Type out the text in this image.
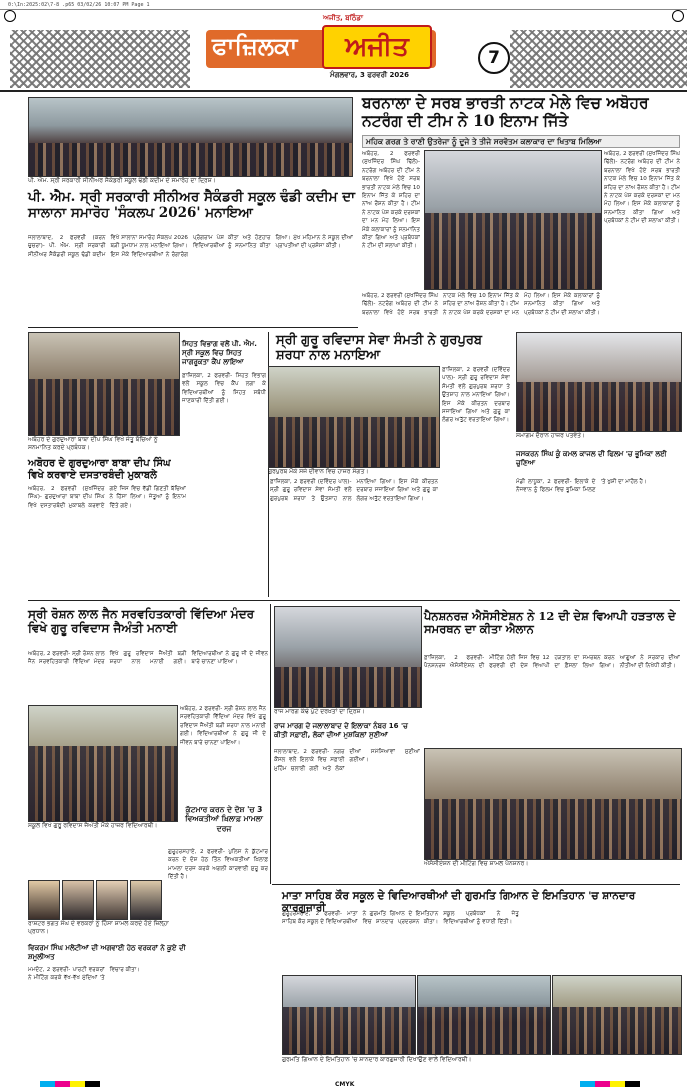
0:\In:2025:02\7-8 .p65 03/02/26 10:07 PM Page 1
ਫਾਜ਼ਿਲਕਾ
ਅਜੀਤ, ਬਠਿੰਡਾ
ਅਜੀਤ
ਮੰਗਲਵਾਰ, 3 ਫਰਵਰੀ 2026
7
ਪੀ. ਐਮ. ਸ੍ਰੀ ਸਰਕਾਰੀ ਸੀਨੀਅਰ ਸੈਕੰਡਰੀ ਸਕੂਲ ਢੰਡੀ ਕਦੀਮ ਦੇ ਸਮਾਰੋਹ ਦਾ ਦ੍ਰਿਸ਼।
ਬਰਨਾਲਾ ਦੇ ਸਰਬ ਭਾਰਤੀ ਨਾਟਕ ਮੇਲੇ ਵਿਚ ਅਬੋਹਰ ਨਟਰੰਗ ਦੀ ਟੀਮ ਨੇ 10 ਇਨਾਮ ਜਿੱਤੇ
ਮਹਿਕ ਗਰਗ ਤੇ ਰਾਣੀ ਉਤਰੇਜਾ ਨੂੰ ਦੂਜੇ ਤੇ ਤੀਜੇ ਸਰਵੋਤਮ ਕਲਾਕਾਰ ਦਾ ਖਿਤਾਬ ਮਿਲਿਆ
ਅਬੋਹਰ, 2 ਫਰਵਰੀ (ਸੁਖਜਿੰਦਰ ਸਿੰਘ ਢਿੱਲੋਂ)- ਨਟਰੰਗ ਅਬੋਹਰ ਦੀ ਟੀਮ ਨੇ ਬਰਨਾਲਾ ਵਿਖੇ ਹੋਏ ਸਰਬ ਭਾਰਤੀ ਨਾਟਕ ਮੇਲੇ ਵਿਚ 10 ਇਨਾਮ ਜਿੱਤ ਕੇ ਸ਼ਹਿਰ ਦਾ ਨਾਂਅ ਰੌਸ਼ਨ ਕੀਤਾ ਹੈ। ਟੀਮ ਨੇ ਨਾਟਕ ਪੇਸ਼ ਕਰਕੇ ਦਰਸ਼ਕਾਂ ਦਾ ਮਨ ਮੋਹ ਲਿਆ। ਇਸ ਮੌਕੇ ਕਲਾਕਾਰਾਂ ਨੂੰ ਸਨਮਾਨਿਤ ਕੀਤਾ ਗਿਆ ਅਤੇ ਪ੍ਰਬੰਧਕਾਂ ਨੇ ਟੀਮ ਦੀ ਸ਼ਲਾਘਾ ਕੀਤੀ।
ਅਬੋਹਰ, 2 ਫਰਵਰੀ (ਸੁਖਜਿੰਦਰ ਸਿੰਘ ਢਿੱਲੋਂ)- ਨਟਰੰਗ ਅਬੋਹਰ ਦੀ ਟੀਮ ਨੇ ਬਰਨਾਲਾ ਵਿਖੇ ਹੋਏ ਸਰਬ ਭਾਰਤੀ ਨਾਟਕ ਮੇਲੇ ਵਿਚ 10 ਇਨਾਮ ਜਿੱਤ ਕੇ ਸ਼ਹਿਰ ਦਾ ਨਾਂਅ ਰੌਸ਼ਨ ਕੀਤਾ ਹੈ। ਟੀਮ ਨੇ ਨਾਟਕ ਪੇਸ਼ ਕਰਕੇ ਦਰਸ਼ਕਾਂ ਦਾ ਮਨ ਮੋਹ ਲਿਆ। ਇਸ ਮੌਕੇ ਕਲਾਕਾਰਾਂ ਨੂੰ ਸਨਮਾਨਿਤ ਕੀਤਾ ਗਿਆ ਅਤੇ ਪ੍ਰਬੰਧਕਾਂ ਨੇ ਟੀਮ ਦੀ ਸ਼ਲਾਘਾ ਕੀਤੀ।
ਪੀ. ਐਮ. ਸ੍ਰੀ ਸਰਕਾਰੀ ਸੀਨੀਅਰ ਸੈਕੰਡਰੀ ਸਕੂਲ ਢੰਡੀ ਕਦੀਮ ਦਾ ਸਾਲਾਨਾ ਸਮਾਰੋਹ 'ਸੰਕਲਪ 2026' ਮਨਾਇਆ
ਜਲਾਲਾਬਾਦ, 2 ਫਰਵਰੀ (ਕਰਨ ਚੁਚਰਾ)- ਪੀ. ਐਮ. ਸ੍ਰੀ ਸਰਕਾਰੀ ਸੀਨੀਅਰ ਸੈਕੰਡਰੀ ਸਕੂਲ ਢੰਡੀ ਕਦੀਮ ਵਿਖੇ ਸਾਲਾਨਾ ਸਮਾਰੋਹ ਸੰਕਲਪ 2026 ਬੜੀ ਧੂਮਧਾਮ ਨਾਲ ਮਨਾਇਆ ਗਿਆ। ਇਸ ਮੌਕੇ ਵਿਦਿਆਰਥੀਆਂ ਨੇ ਰੰਗਾਰੰਗ ਪ੍ਰੋਗਰਾਮ ਪੇਸ਼ ਕੀਤਾ ਅਤੇ ਹੋਣਹਾਰ ਵਿਦਿਆਰਥੀਆਂ ਨੂੰ ਸਨਮਾਨਿਤ ਕੀਤਾ ਗਿਆ। ਮੁੱਖ ਮਹਿਮਾਨ ਨੇ ਸਕੂਲ ਦੀਆਂ ਪ੍ਰਾਪਤੀਆਂ ਦੀ ਪ੍ਰਸ਼ੰਸਾ ਕੀਤੀ।
ਅਬੋਹਰ, 2 ਫਰਵਰੀ (ਸੁਖਜਿੰਦਰ ਸਿੰਘ ਢਿੱਲੋਂ)- ਨਟਰੰਗ ਅਬੋਹਰ ਦੀ ਟੀਮ ਨੇ ਬਰਨਾਲਾ ਵਿਖੇ ਹੋਏ ਸਰਬ ਭਾਰਤੀ ਨਾਟਕ ਮੇਲੇ ਵਿਚ 10 ਇਨਾਮ ਜਿੱਤ ਕੇ ਸ਼ਹਿਰ ਦਾ ਨਾਂਅ ਰੌਸ਼ਨ ਕੀਤਾ ਹੈ। ਟੀਮ ਨੇ ਨਾਟਕ ਪੇਸ਼ ਕਰਕੇ ਦਰਸ਼ਕਾਂ ਦਾ ਮਨ ਮੋਹ ਲਿਆ। ਇਸ ਮੌਕੇ ਕਲਾਕਾਰਾਂ ਨੂੰ ਸਨਮਾਨਿਤ ਕੀਤਾ ਗਿਆ ਅਤੇ ਪ੍ਰਬੰਧਕਾਂ ਨੇ ਟੀਮ ਦੀ ਸ਼ਲਾਘਾ ਕੀਤੀ।
ਅਬੋਹਰ ਦੇ ਗੁਰਦੁਆਰਾ ਬਾਬਾ ਦੀਪ ਸਿੰਘ ਵਿਖੇ ਜੇਤੂ ਬੱਚਿਆਂ ਨੂੰ ਸਨਮਾਨਿਤ ਕਰਦੇ ਪ੍ਰਬੰਧਕ।
ਅਬੋਹਰ ਦੇ ਗੁਰਦੁਆਰਾ ਬਾਬਾ ਦੀਪ ਸਿੰਘ ਵਿਖੇ ਕਰਵਾਏ ਦਸਤਾਰਬੰਦੀ ਮੁਕਾਬਲੇ
ਅਬੋਹਰ, 2 ਫਰਵਰੀ (ਸੁਖਜਿੰਦਰ ਸਿੰਘ)- ਗੁਰਦੁਆਰਾ ਬਾਬਾ ਦੀਪ ਸਿੰਘ ਵਿਖੇ ਦਸਤਾਰਬੰਦੀ ਮੁਕਾਬਲੇ ਕਰਵਾਏ ਗਏ ਜਿਸ ਵਿਚ ਵੱਡੀ ਗਿਣਤੀ ਬੱਚਿਆਂ ਨੇ ਹਿੱਸਾ ਲਿਆ। ਜੇਤੂਆਂ ਨੂੰ ਇਨਾਮ ਦਿੱਤੇ ਗਏ।
ਸਿਹਤ ਵਿਭਾਗ ਵਲੋਂ ਪੀ. ਐਮ. ਸ੍ਰੀ ਸਕੂਲ ਵਿਚ ਸਿਹਤ ਜਾਗਰੂਕਤਾ ਕੈਂਪ ਲਾਇਆ
ਫ਼ਾਜ਼ਿਲਕਾ, 2 ਫਰਵਰੀ- ਸਿਹਤ ਵਿਭਾਗ ਵਲੋਂ ਸਕੂਲ ਵਿਚ ਕੈਂਪ ਲਗਾ ਕੇ ਵਿਦਿਆਰਥੀਆਂ ਨੂੰ ਸਿਹਤ ਸਬੰਧੀ ਜਾਣਕਾਰੀ ਦਿੱਤੀ ਗਈ।
ਸ੍ਰੀ ਗੁਰੂ ਰਵਿਦਾਸ ਸੇਵਾ ਸੰਮਤੀ ਨੇ ਗੁਰਪੁਰਬ ਸ਼ਰਧਾ ਨਾਲ ਮਨਾਇਆ
ਗੁਰਪੁਰਬ ਮੌਕੇ ਸਜੇ ਦੀਵਾਨ ਵਿਚ ਹਾਜ਼ਰ ਸੰਗਤ।
ਫ਼ਾਜ਼ਿਲਕਾ, 2 ਫਰਵਰੀ (ਦਵਿੰਦਰ ਪਾਲ)- ਸ੍ਰੀ ਗੁਰੂ ਰਵਿਦਾਸ ਸੇਵਾ ਸੰਮਤੀ ਵਲੋਂ ਗੁਰਪੁਰਬ ਸ਼ਰਧਾ ਤੇ ਉਤਸ਼ਾਹ ਨਾਲ ਮਨਾਇਆ ਗਿਆ। ਇਸ ਮੌਕੇ ਕੀਰਤਨ ਦਰਬਾਰ ਸਜਾਇਆ ਗਿਆ ਅਤੇ ਗੁਰੂ ਕਾ ਲੰਗਰ ਅਤੁੱਟ ਵਰਤਾਇਆ ਗਿਆ।
ਫ਼ਾਜ਼ਿਲਕਾ, 2 ਫਰਵਰੀ (ਦਵਿੰਦਰ ਪਾਲ)- ਸ੍ਰੀ ਗੁਰੂ ਰਵਿਦਾਸ ਸੇਵਾ ਸੰਮਤੀ ਵਲੋਂ ਗੁਰਪੁਰਬ ਸ਼ਰਧਾ ਤੇ ਉਤਸ਼ਾਹ ਨਾਲ ਮਨਾਇਆ ਗਿਆ। ਇਸ ਮੌਕੇ ਕੀਰਤਨ ਦਰਬਾਰ ਸਜਾਇਆ ਗਿਆ ਅਤੇ ਗੁਰੂ ਕਾ ਲੰਗਰ ਅਤੁੱਟ ਵਰਤਾਇਆ ਗਿਆ।
ਸਮਾਗਮ ਦੌਰਾਨ ਹਾਜ਼ਰ ਪਤਵੰਤੇ।
ਜਸਕਰਨ ਸਿੰਘ ਕੂੰ ਕਮਲ ਕਾਜਲ ਦੀ ਫਿਲਮ 'ਚ ਭੂਮਿਕਾ ਲਈ ਚੁਣਿਆ
ਮੰਡੀ ਲਾਧੂਕਾ, 2 ਫਰਵਰੀ- ਇਲਾਕੇ ਦੇ ਨੌਜਵਾਨ ਨੂੰ ਫਿਲਮ ਵਿਚ ਭੂਮਿਕਾ ਮਿਲਣ 'ਤੇ ਖੁਸ਼ੀ ਦਾ ਮਾਹੌਲ ਹੈ।
ਸ੍ਰੀ ਰੋਸ਼ਨ ਲਾਲ ਜੈਨ ਸਰਵਹਿਤਕਾਰੀ ਵਿੱਦਿਆ ਮੰਦਰ ਵਿਖੇ ਗੁਰੂ ਰਵਿਦਾਸ ਜੈਅੰਤੀ ਮਨਾਈ
ਅਬੋਹਰ, 2 ਫਰਵਰੀ- ਸ੍ਰੀ ਰੋਸ਼ਨ ਲਾਲ ਜੈਨ ਸਰਵਹਿਤਕਾਰੀ ਵਿੱਦਿਆ ਮੰਦਰ ਵਿਖੇ ਗੁਰੂ ਰਵਿਦਾਸ ਜੈਅੰਤੀ ਬੜੀ ਸ਼ਰਧਾ ਨਾਲ ਮਨਾਈ ਗਈ। ਵਿਦਿਆਰਥੀਆਂ ਨੇ ਗੁਰੂ ਜੀ ਦੇ ਜੀਵਨ ਬਾਰੇ ਚਾਨਣਾ ਪਾਇਆ।
ਸਕੂਲ ਵਿਖੇ ਗੁਰੂ ਰਵਿਦਾਸ ਜੈਅੰਤੀ ਮੌਕੇ ਹਾਜ਼ਰ ਵਿਦਿਆਰਥੀ।
ਅਬੋਹਰ, 2 ਫਰਵਰੀ- ਸ੍ਰੀ ਰੋਸ਼ਨ ਲਾਲ ਜੈਨ ਸਰਵਹਿਤਕਾਰੀ ਵਿੱਦਿਆ ਮੰਦਰ ਵਿਖੇ ਗੁਰੂ ਰਵਿਦਾਸ ਜੈਅੰਤੀ ਬੜੀ ਸ਼ਰਧਾ ਨਾਲ ਮਨਾਈ ਗਈ। ਵਿਦਿਆਰਥੀਆਂ ਨੇ ਗੁਰੂ ਜੀ ਦੇ ਜੀਵਨ ਬਾਰੇ ਚਾਨਣਾ ਪਾਇਆ।
ਰਾਸ਼ਟਰ ਭਗਤ ਸੰਘ ਦੇ ਵਰਕਰਾਂ ਨੂੰ ਹਿੱਸਾ ਸ਼ਾਮਲ ਕਰਦੇ ਹੋਏ ਜ਼ਿਲ੍ਹਾ ਪ੍ਰਧਾਨ।
ਵਿਕਰਮ ਸਿੰਘ ਮਲੋਟੀਆਂ ਦੀ ਅਗਵਾਈ ਹੇਠ ਵਰਕਰਾਂ ਨੇ ਕੂਏ ਦੀ ਸ਼ਮੂਲੀਅਤ
ਮਮਦੋਟ, 2 ਫਰਵਰੀ- ਪਾਰਟੀ ਵਰਕਰਾਂ ਨੇ ਮੀਟਿੰਗ ਕਰਕੇ ਵੱਖ-ਵੱਖ ਮੁੱਦਿਆਂ 'ਤੇ ਵਿਚਾਰ ਕੀਤਾ।
ਗੁਰੂਹਰਸਹਾਏ, 2 ਫਰਵਰੀ- ਪੁਲਿਸ ਨੇ ਕੁੱਟਮਾਰ ਕਰਨ ਦੇ ਦੋਸ਼ ਹੇਠ ਤਿੰਨ ਵਿਅਕਤੀਆਂ ਖ਼ਿਲਾਫ਼ ਮਾਮਲਾ ਦਰਜ ਕਰਕੇ ਅਗਲੀ ਕਾਰਵਾਈ ਸ਼ੁਰੂ ਕਰ ਦਿੱਤੀ ਹੈ।
ਰਾਜ ਮਾਰਗ ਕੰਢੇ ਪੁੱਟੇ ਦਰਖ਼ਤਾਂ ਦਾ ਦ੍ਰਿਸ਼।
ਰਾਜ ਮਾਰਗ ਦੇ ਜਲਾਲਾਬਾਦ ਦੇ ਇਲਾਕਾ ਨੰਬਰ 16 'ਚ ਕੀਤੀ ਸਫ਼ਾਈ, ਲੋਕਾਂ ਦੀਆਂ ਮੁਸ਼ਕਿਲਾਂ ਸੁਣੀਆਂ
ਜਲਾਲਾਬਾਦ, 2 ਫਰਵਰੀ- ਨਗਰ ਕੌਂਸਲ ਵਲੋਂ ਇਲਾਕੇ ਵਿਚ ਸਫ਼ਾਈ ਮੁਹਿੰਮ ਚਲਾਈ ਗਈ ਅਤੇ ਲੋਕਾਂ ਦੀਆਂ ਸਮੱਸਿਆਵਾਂ ਸੁਣੀਆਂ ਗਈਆਂ।
ਕੁੱਟਮਾਰ ਕਰਨ ਦੇ ਦੋਸ਼ 'ਚ 3 ਵਿਅਕਤੀਆਂ ਖ਼ਿਲਾਫ਼ ਮਾਮਲਾ ਦਰਜ
ਪੈਨਸ਼ਨਰਜ਼ ਐਸੋਸੀਏਸ਼ਨ ਨੇ 12 ਦੀ ਦੇਸ਼ ਵਿਆਪੀ ਹੜਤਾਲ ਦੇ ਸਮਰਥਨ ਦਾ ਕੀਤਾ ਐਲਾਨ
ਫ਼ਾਜ਼ਿਲਕਾ, 2 ਫਰਵਰੀ- ਪੈਨਸ਼ਨਰਜ਼ ਐਸੋਸੀਏਸ਼ਨ ਦੀ ਮੀਟਿੰਗ ਹੋਈ ਜਿਸ ਵਿਚ 12 ਫਰਵਰੀ ਦੀ ਦੇਸ਼ ਵਿਆਪੀ ਹੜਤਾਲ ਦਾ ਸਮਰਥਨ ਕਰਨ ਦਾ ਫ਼ੈਸਲਾ ਲਿਆ ਗਿਆ। ਆਗੂਆਂ ਨੇ ਸਰਕਾਰ ਦੀਆਂ ਨੀਤੀਆਂ ਦੀ ਨਿਖੇਧੀ ਕੀਤੀ।
ਐਸੋਸੀਏਸ਼ਨ ਦੀ ਮੀਟਿੰਗ ਵਿਚ ਸ਼ਾਮਲ ਪੈਨਸ਼ਨਰ।
ਮਾਤਾ ਸਾਹਿਬ ਕੌਰ ਸਕੂਲ ਦੇ ਵਿਦਿਆਰਥੀਆਂ ਦੀ ਗੁਰਮਤਿ ਗਿਆਨ ਦੇ ਇਮਤਿਹਾਨ 'ਚ ਸ਼ਾਨਦਾਰ ਕਾਰਗੁਜ਼ਾਰੀ
ਗੁਰੂਹਰਸਹਾਏ, 2 ਫਰਵਰੀ- ਮਾਤਾ ਸਾਹਿਬ ਕੌਰ ਸਕੂਲ ਦੇ ਵਿਦਿਆਰਥੀਆਂ ਨੇ ਗੁਰਮਤਿ ਗਿਆਨ ਦੇ ਇਮਤਿਹਾਨ ਵਿਚ ਸ਼ਾਨਦਾਰ ਪ੍ਰਦਰਸ਼ਨ ਕੀਤਾ। ਸਕੂਲ ਪ੍ਰਬੰਧਕਾਂ ਨੇ ਜੇਤੂ ਵਿਦਿਆਰਥੀਆਂ ਨੂੰ ਵਧਾਈ ਦਿੱਤੀ।
ਗੁਰਮਤਿ ਗਿਆਨ ਦੇ ਇਮਤਿਹਾਨ 'ਚ ਸ਼ਾਨਦਾਰ ਕਾਰਗੁਜ਼ਾਰੀ ਦਿਖਾਉਣ ਵਾਲੇ ਵਿਦਿਆਰਥੀ।
CMYK
